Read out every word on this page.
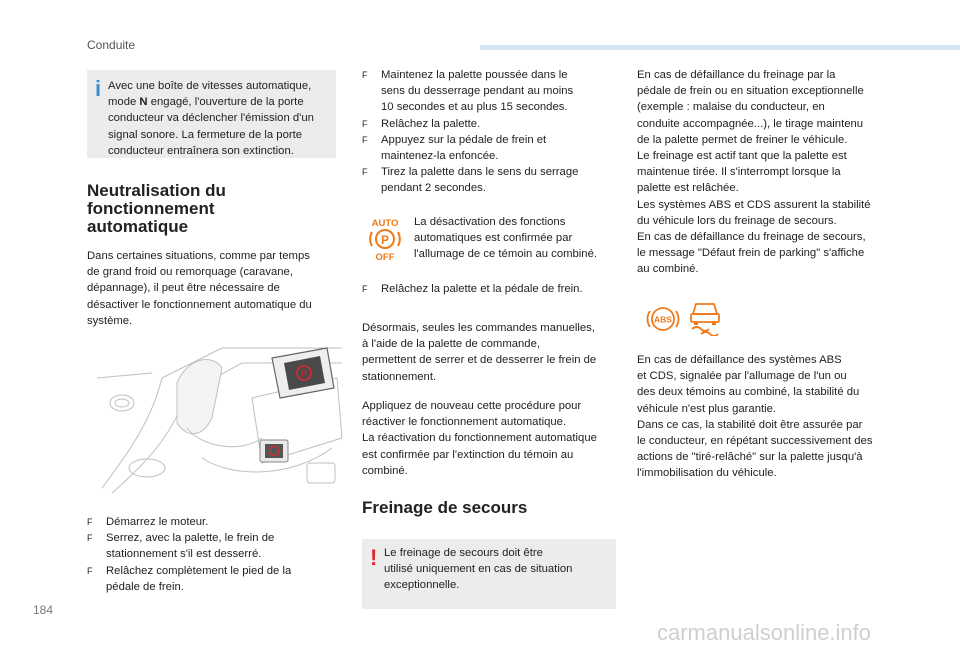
Conduite
i Avec une boîte de vitesses automatique,
mode N engagé, l'ouverture de la porte
conducteur va déclencher l'émission d'un
signal sonore. La fermeture de la porte
conducteur entraînera son extinction.
Neutralisation du
fonctionnement
automatique
Dans certaines situations, comme par temps
de grand froid ou remorquage (caravane,
dépannage), il peut être nécessaire de
désactiver le fonctionnement automatique du
système.
P
F Démarrez le moteur.
F Serrez, avec la palette, le frein de
stationnement s'il est desserré.
F Relâchez complètement le pied de la
pédale de frein.
F Maintenez la palette poussée dans le
sens du desserrage pendant au moins
10 secondes et au plus 15 secondes.
F Relâchez la palette.
F Appuyez sur la pédale de frein et
maintenez-la enfoncée.
F Tirez la palette dans le sens du serrage
pendant 2 secondes.
AUTO
P
OFF
La désactivation des fonctions
automatiques est confirmée par
l'allumage de ce témoin au combiné.
F Relâchez la palette et la pédale de frein.
Désormais, seules les commandes manuelles,
à l'aide de la palette de commande,
permettent de serrer et de desserrer le frein de
stationnement.
Appliquez de nouveau cette procédure pour
réactiver le fonctionnement automatique.
La réactivation du fonctionnement automatique
est confirmée par l'extinction du témoin au
combiné.
Freinage de secours
! Le freinage de secours doit être
utilisé uniquement en cas de situation
exceptionnelle.
En cas de défaillance du freinage par la
pédale de frein ou en situation exceptionnelle
(exemple : malaise du conducteur, en
conduite accompagnée...), le tirage maintenu
de la palette permet de freiner le véhicule.
Le freinage est actif tant que la palette est
maintenue tirée. Il s'interrompt lorsque la
palette est relâchée.
Les systèmes ABS et CDS assurent la stabilité
du véhicule lors du freinage de secours.
En cas de défaillance du freinage de secours,
le message "Défaut frein de parking" s'affiche
au combiné.
ABS
En cas de défaillance des systèmes ABS
et CDS, signalée par l'allumage de l'un ou
des deux témoins au combiné, la stabilité du
véhicule n'est plus garantie.
Dans ce cas, la stabilité doit être assurée par
le conducteur, en répétant successivement des
actions de "tiré-relâché" sur la palette jusqu'à
l'immobilisation du véhicule.
184
carmanualsonline.info
